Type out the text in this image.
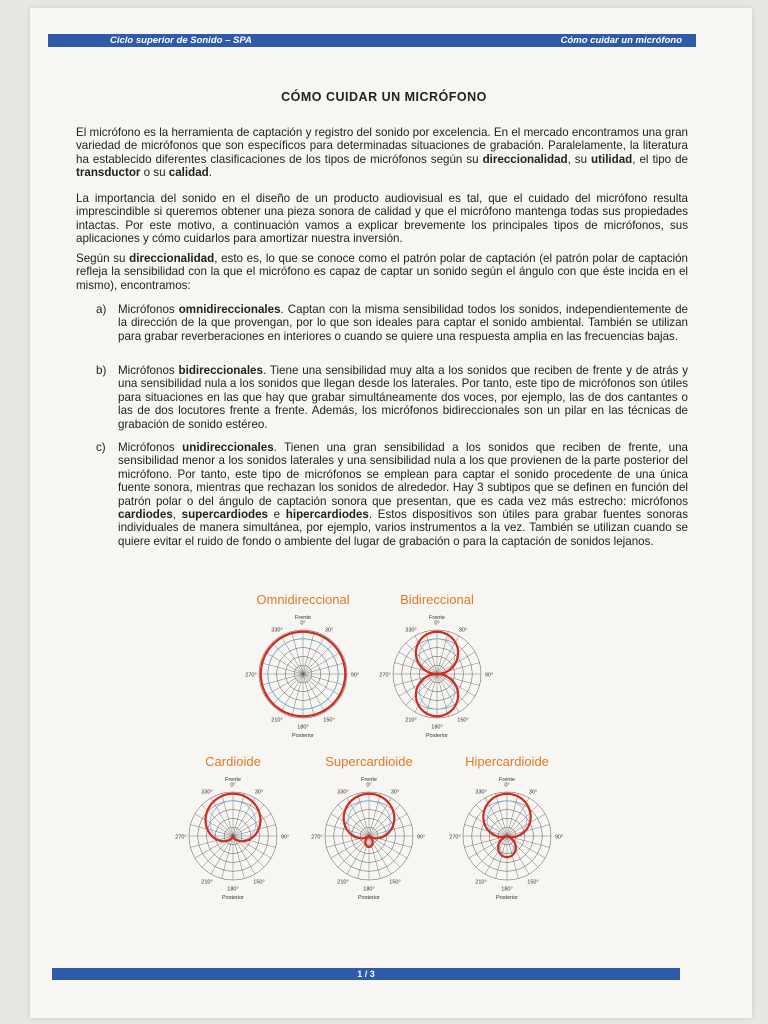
Ciclo superior de Sonido – SPA	Cómo cuidar un micrófono
CÓMO CUIDAR UN MICRÓFONO
El micrófono es la herramienta de captación y registro del sonido por excelencia. En el mercado encontramos una gran variedad de micrófonos que son específicos para determinadas situaciones de grabación. Paralelamente, la literatura ha establecido diferentes clasificaciones de los tipos de micrófonos según su direccionalidad, su utilidad, el tipo de transductor o su calidad.
La importancia del sonido en el diseño de un producto audiovisual es tal, que el cuidado del micrófono resulta imprescindible si queremos obtener una pieza sonora de calidad y que el micrófono mantenga todas sus propiedades intactas. Por este motivo, a continuación vamos a explicar brevemente los principales tipos de micrófonos, sus aplicaciones y cómo cuidarlos para amortizar nuestra inversión.
Según su direccionalidad, esto es, lo que se conoce como el patrón polar de captación (el patrón polar de captación refleja la sensibilidad con la que el micrófono es capaz de captar un sonido según el ángulo con que éste incida en el mismo), encontramos:
a)	Micrófonos omnidireccionales. Captan con la misma sensibilidad todos los sonidos, independientemente de la dirección de la que provengan, por lo que son ideales para captar el sonido ambiental. También se utilizan para grabar reverberaciones en interiores o cuando se quiere una respuesta amplia en las frecuencias bajas.
b)	Micrófonos bidireccionales. Tiene una sensibilidad muy alta a los sonidos que reciben de frente y de atrás y una sensibilidad nula a los sonidos que llegan desde los laterales. Por tanto, este tipo de micrófonos son útiles para situaciones en las que hay que grabar simultáneamente dos voces, por ejemplo, las de dos cantantes o las de dos locutores frente a frente. Además, los micrófonos bidireccionales son un pilar en las técnicas de grabación de sonido estéreo.
c)	Micrófonos unidireccionales. Tienen una gran sensibilidad a los sonidos que reciben de frente, una sensibilidad menor a los sonidos laterales y una sensibilidad nula a los que provienen de la parte posterior del micrófono. Por tanto, este tipo de micrófonos se emplean para captar el sonido procedente de una única fuente sonora, mientras que rechazan los sonidos de alrededor. Hay 3 subtipos que se definen en función del patrón polar o del ángulo de captación sonora que presentan, que es cada vez más estrecho: micrófonos cardiodes, supercardiodes e hipercardiodes. Estos dispositivos son útiles para grabar fuentes sonoras individuales de manera simultánea, por ejemplo, varios instrumentos a la vez. También se utilizan cuando se quiere evitar el ruido de fondo o ambiente del lugar de grabación o para la captación de sonidos lejanos.
Omnidireccional
0°
30°
90°
150°
180°
210°
270°
330°
Frente
Posterior
Bidireccional
0°
30°
90°
150°
180°
210°
270°
330°
Frente
Posterior
Cardioide
0°
30°
90°
150°
180°
210°
270°
330°
Frente
Posterior
Supercardioide
0°
30°
90°
150°
180°
210°
270°
330°
Frente
Posterior
Hipercardioide
0°
30°
90°
150°
180°
210°
270°
330°
Frente
Posterior
1 / 3
